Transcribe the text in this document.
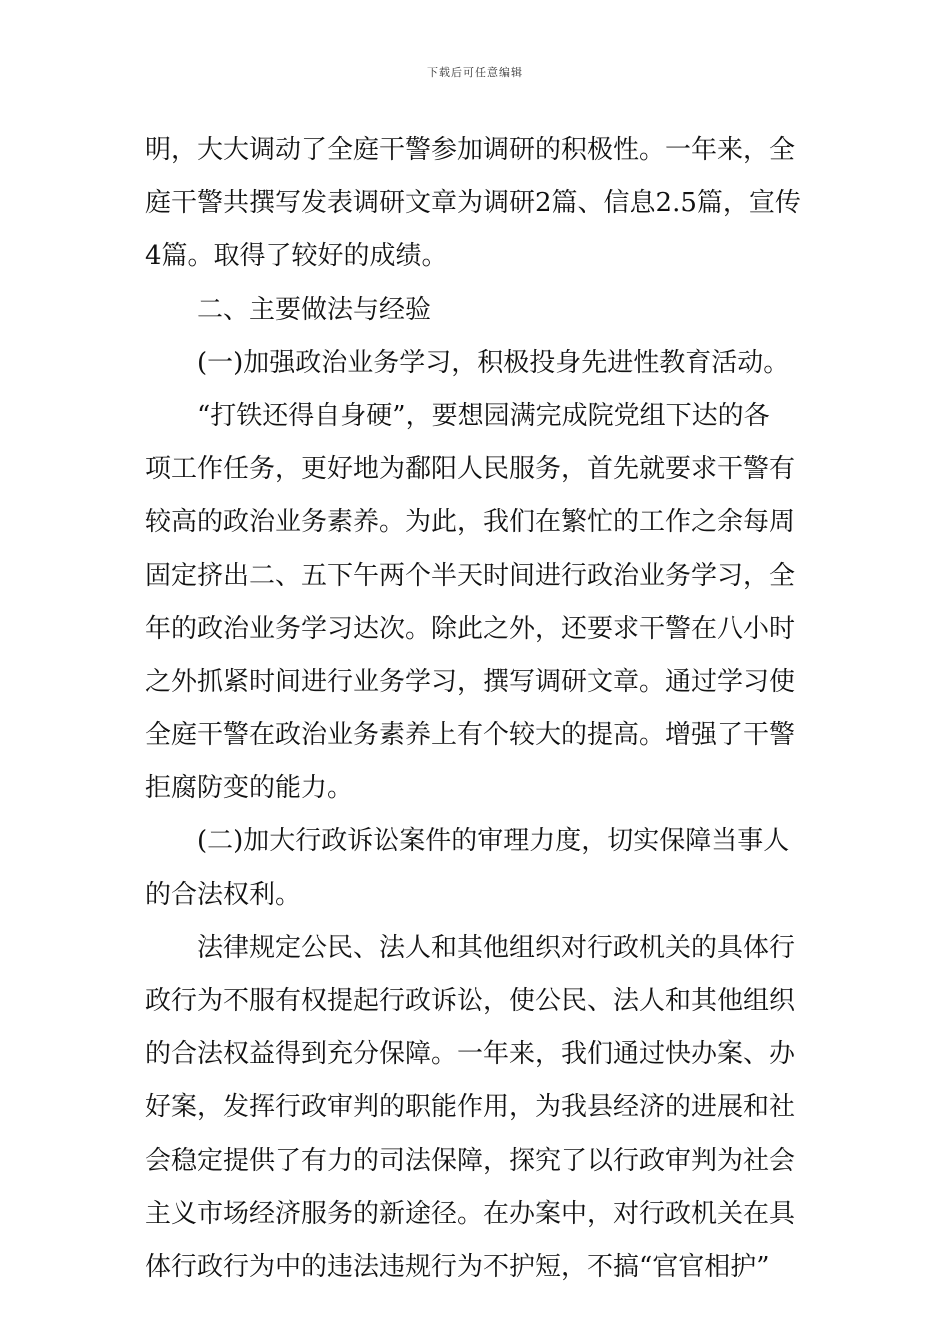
下载后可任意编辑
明，大大调动了全庭干警参加调研的积极性。一年来，全
庭干警共撰写发表调研文章为调研2篇、信息2.5篇，宣传
4篇。取得了较好的成绩。
二、主要做法与经验
(一)加强政治业务学习，积极投身先进性教育活动。
“打铁还得自身硬”，要想园满完成院党组下达的各
项工作任务，更好地为鄱阳人民服务，首先就要求干警有
较高的政治业务素养。为此，我们在繁忙的工作之余每周
固定挤出二、五下午两个半天时间进行政治业务学习，全
年的政治业务学习达次。除此之外，还要求干警在八小时
之外抓紧时间进行业务学习，撰写调研文章。通过学习使
全庭干警在政治业务素养上有个较大的提高。增强了干警
拒腐防变的能力。
(二)加大行政诉讼案件的审理力度，切实保障当事人
的合法权利。
法律规定公民、法人和其他组织对行政机关的具体行
政行为不服有权提起行政诉讼，使公民、法人和其他组织
的合法权益得到充分保障。一年来，我们通过快办案、办
好案，发挥行政审判的职能作用，为我县经济的进展和社
会稳定提供了有力的司法保障，探究了以行政审判为社会
主义市场经济服务的新途径。在办案中，对行政机关在具
体行政行为中的违法违规行为不护短，不搞“官官相护”
